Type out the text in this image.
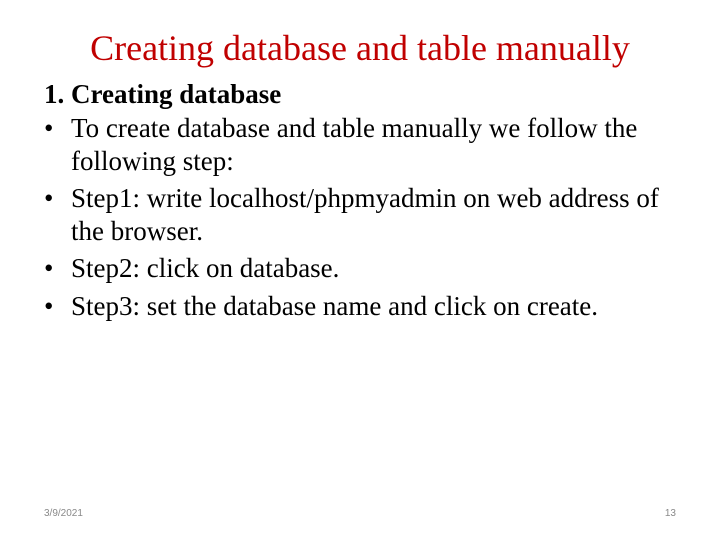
Creating database and table manually
1. Creating database
• To create database and table manually we follow the following step:
• Step1: write localhost/phpmyadmin on web address of the browser.
• Step2: click on database.
• Step3: set the database name and click on create.
3/9/2021	13
